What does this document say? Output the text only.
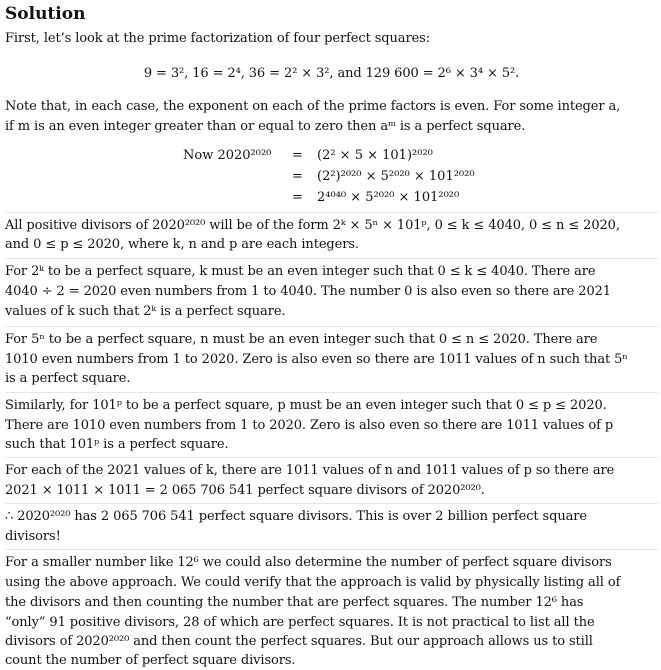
Solution
First, let’s look at the prime factorization of four perfect squares:
9 = 3², 16 = 2⁴, 36 = 2² × 3², and 129 600 = 2⁶ × 3⁴ × 5².
Note that, in each case, the exponent on each of the prime factors is even. For some integer a,
if m is an even integer greater than or equal to zero then aᵐ is a perfect square.
Now 2020²⁰²⁰ = (2² × 5 × 101)²⁰²⁰
= (2²)²⁰²⁰ × 5²⁰²⁰ × 101²⁰²⁰
= 2⁴⁰⁴⁰ × 5²⁰²⁰ × 101²⁰²⁰
All positive divisors of 2020²⁰²⁰ will be of the form 2ᵏ × 5ⁿ × 101ᵖ, 0 ≤ k ≤ 4040, 0 ≤ n ≤ 2020,
and 0 ≤ p ≤ 2020, where k, n and p are each integers.
For 2ᵏ to be a perfect square, k must be an even integer such that 0 ≤ k ≤ 4040. There are
4040 ÷ 2 = 2020 even numbers from 1 to 4040. The number 0 is also even so there are 2021
values of k such that 2ᵏ is a perfect square.
For 5ⁿ to be a perfect square, n must be an even integer such that 0 ≤ n ≤ 2020. There are
1010 even numbers from 1 to 2020. Zero is also even so there are 1011 values of n such that 5ⁿ
is a perfect square.
Similarly, for 101ᵖ to be a perfect square, p must be an even integer such that 0 ≤ p ≤ 2020.
There are 1010 even numbers from 1 to 2020. Zero is also even so there are 1011 values of p
such that 101ᵖ is a perfect square.
For each of the 2021 values of k, there are 1011 values of n and 1011 values of p so there are
2021 × 1011 × 1011 = 2 065 706 541 perfect square divisors of 2020²⁰²⁰.
∴ 2020²⁰²⁰ has 2 065 706 541 perfect square divisors. This is over 2 billion perfect square
divisors!
For a smaller number like 12⁶ we could also determine the number of perfect square divisors
using the above approach. We could verify that the approach is valid by physically listing all of
the divisors and then counting the number that are perfect squares. The number 12⁶ has
“only” 91 positive divisors, 28 of which are perfect squares. It is not practical to list all the
divisors of 2020²⁰²⁰ and then count the perfect squares. But our approach allows us to still
count the number of perfect square divisors.
